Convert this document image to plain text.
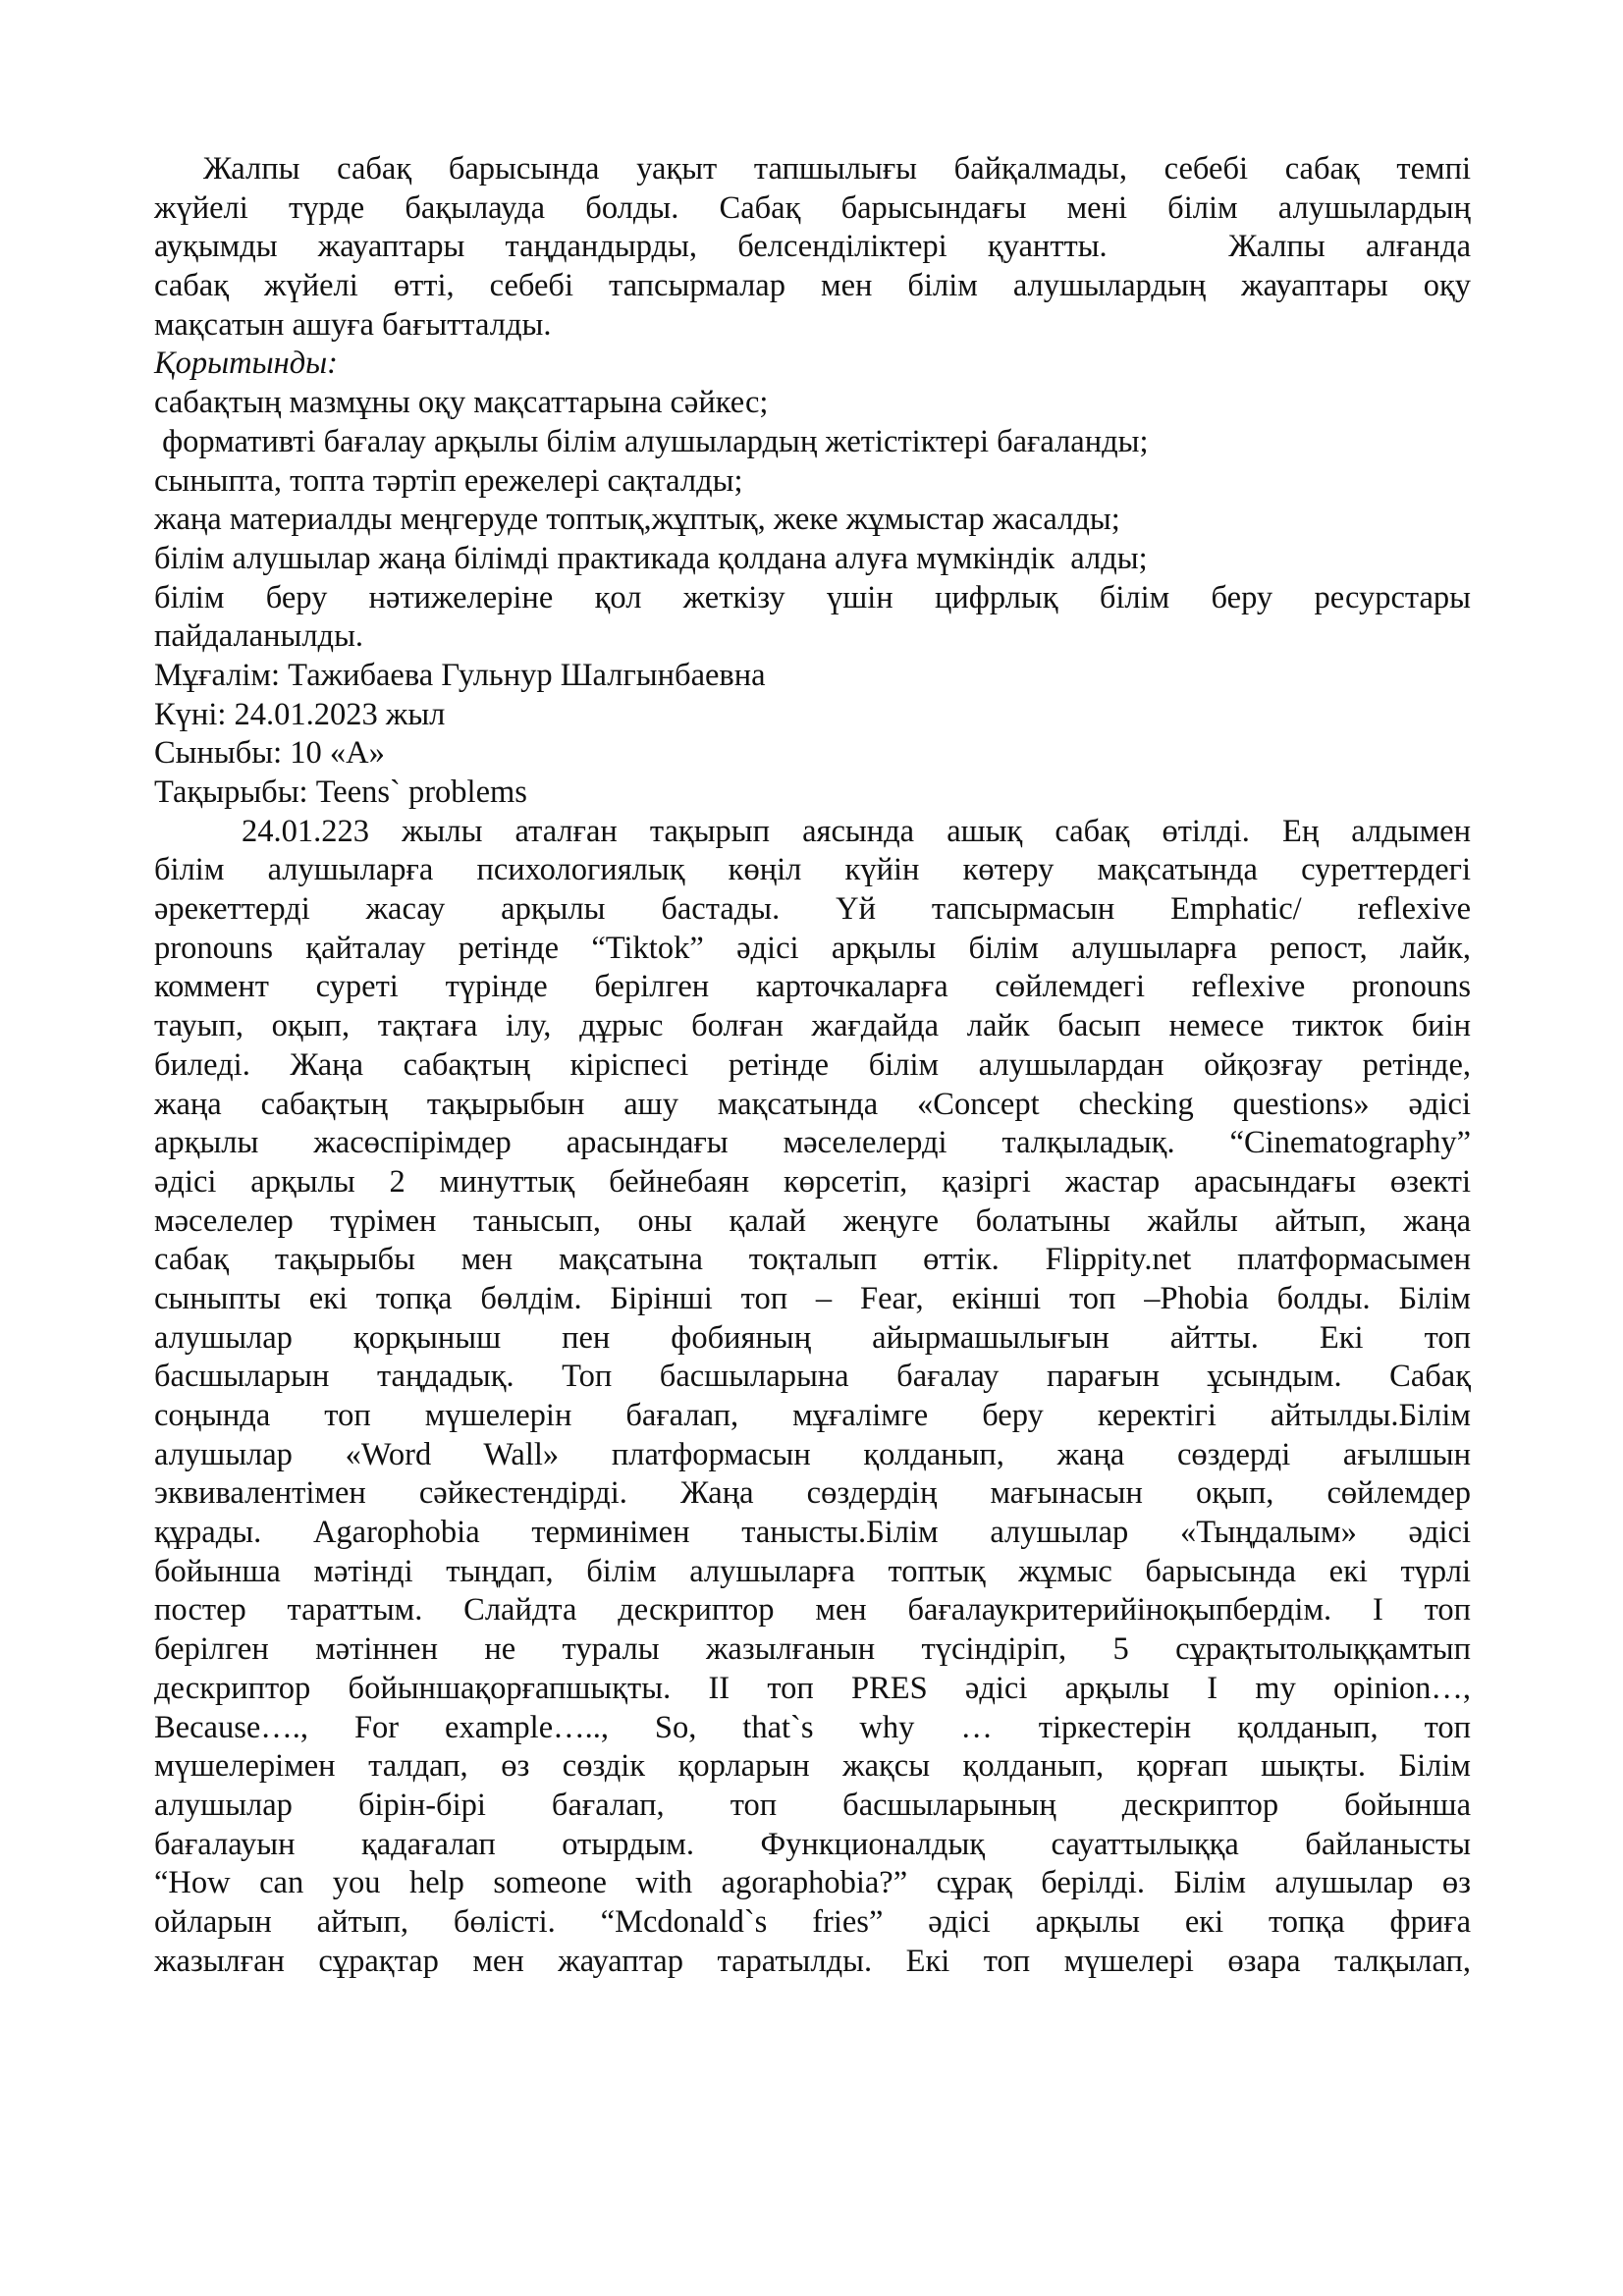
Жалпы сабақ барысында уақыт тапшылығы байқалмады, себебі сабақ темпі
жүйелі түрде бақылауда болды. Сабақ барысындағы мені білім алушылардың
ауқымды жауаптары таңдандырды, белсенділіктері қуантты.   Жалпы алғанда
сабақ жүйелі өтті, себебі тапсырмалар мен білім алушылардың жауаптары оқу
мақсатын ашуға бағытталды.
Қорытынды:
сабақтың мазмұны оқу мақсаттарына сәйкес;
формативті бағалау арқылы білім алушылардың жетістіктері бағаланды;
сыныпта, топта тәртіп ережелері сақталды;
жаңа материалды меңгеруде топтық,жұптық, жеке жұмыстар жасалды;
білім алушылар жаңа білімді практикада қолдана алуға мүмкіндік  алды;
білім беру нәтижелеріне қол жеткізу үшін цифрлық білім беру ресурстары
пайдаланылды.
Мұғалім: Тажибаева Гульнур Шалгынбаевна
Күні: 24.01.2023 жыл
Сыныбы: 10 «А»
Тақырыбы: Teens` problems
24.01.223 жылы аталған тақырып аясында ашық сабақ өтілді. Ең алдымен
білім алушыларға психологиялық көңіл күйін көтеру мақсатында суреттердегі
әрекеттерді жасау арқылы бастады. Үй тапсырмасын Emphatic/ reflexive
pronouns қайталау ретінде “Tiktok” әдісі арқылы білім алушыларға репост, лайк,
коммент суреті түрінде берілген карточкаларға сөйлемдегі reflexive pronouns
тауып, оқып, тақтаға ілу, дұрыс болған жағдайда лайк басып немесе тикток биін
биледі. Жаңа сабақтың кіріспесі ретінде білім алушылардан ойқозғау ретінде,
жаңа сабақтың тақырыбын ашу мақсатында «Concept checking questions» әдісі
арқылы жасөспірімдер арасындағы мәселелерді талқыладық. “Cinematography”
әдісі арқылы 2 минуттық бейнебаян көрсетіп, қазіргі жастар арасындағы өзекті
мәселелер түрімен танысып, оны қалай жеңуге болатыны жайлы айтып, жаңа
сабақ тақырыбы мен мақсатына тоқталып өттік. Flippity.net платформасымен
сыныпты екі топқа бөлдім. Бірінші топ – Fear, екінші топ –Phobia болды. Білім
алушылар қорқыныш пен фобияның айырмашылығын айтты. Екі топ
басшыларын таңдадық. Топ басшыларына бағалау парағын ұсындым. Сабақ
соңында топ мүшелерін бағалап, мұғалімге беру керектігі айтылды.Білім
алушылар «Word Wall» платформасын қолданып, жаңа сөздерді ағылшын
эквивалентімен сәйкестендірді. Жаңа сөздердің мағынасын оқып, сөйлемдер
құрады. Agarophobia терминімен танысты.Білім алушылар «Тыңдалым» әдісі
бойынша мәтінді тыңдап, білім алушыларға топтық жұмыс барысында екі түрлі
постер тараттым. Слайдта дескриптор мен бағалаукритерийіноқыпбердім. І топ
берілген мәтіннен не туралы жазылғанын түсіндіріп, 5 сұрақтытолыққамтып
дескриптор бойыншақорғапшықты. ІІ топ PRES әдісі арқылы I my opinion…,
Because…., For example….., So, that`s why … тіркестерін қолданып, топ
мүшелерімен талдап, өз сөздік қорларын жақсы қолданып, қорғап шықты. Білім
алушылар бірін-бірі бағалап, топ басшыларының дескриптор бойынша
бағалауын қадағалап отырдым. Функционалдық сауаттылыққа байланысты
“How can you help someone with agoraphobia?” сұрақ берілді. Білім алушылар өз
ойларын айтып, бөлісті. “Mcdonald`s fries” әдісі арқылы екі топқа фриға
жазылған сұрақтар мен жауаптар таратылды. Екі топ мүшелері өзара талқылап,
